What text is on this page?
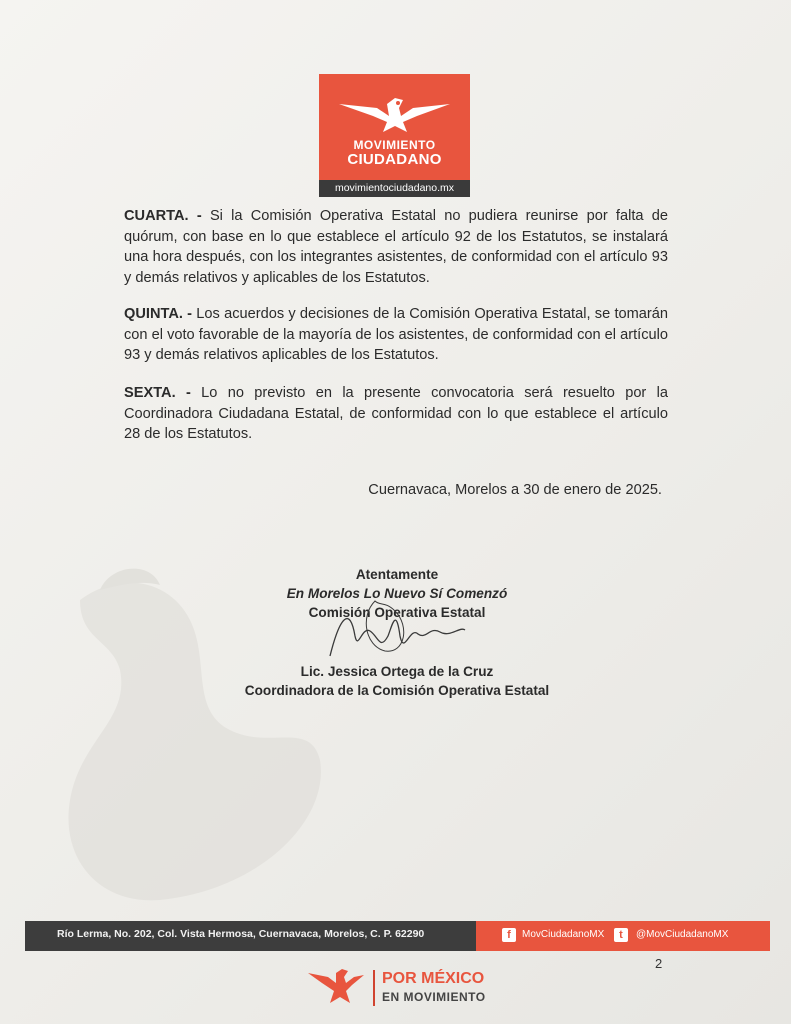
MOVIMIENTO
CIUDADANO
movimientociudadano.mx

CUARTA. - Si la Comisión Operativa Estatal no pudiera reunirse por falta de quórum, con base en lo que establece el artículo 92 de los Estatutos, se instalará una hora después, con los integrantes asistentes, de conformidad con el artículo 93 y demás relativos y aplicables de los Estatutos.

QUINTA. - Los acuerdos y decisiones de la Comisión Operativa Estatal, se tomarán con el voto favorable de la mayoría de los asistentes, de conformidad con el artículo 93 y demás relativos aplicables de los Estatutos.

SEXTA. - Lo no previsto en la presente convocatoria será resuelto por la Coordinadora Ciudadana Estatal, de conformidad con lo que establece el artículo 28 de los Estatutos.

Cuernavaca, Morelos a 30 de enero de 2025.
Atentamente
En Morelos Lo Nuevo Sí Comenzó
Comisión Operativa Estatal
Lic. Jessica Ortega de la Cruz
Coordinadora de la Comisión Operativa Estatal
Río Lerma, No. 202, Col. Vista Hermosa, Cuernavaca, Morelos, C. P. 62290	f	MovCiudadanoMX	t	@MovCiudadanoMX
2
POR MÉXICO
EN MOVIMIENTO
